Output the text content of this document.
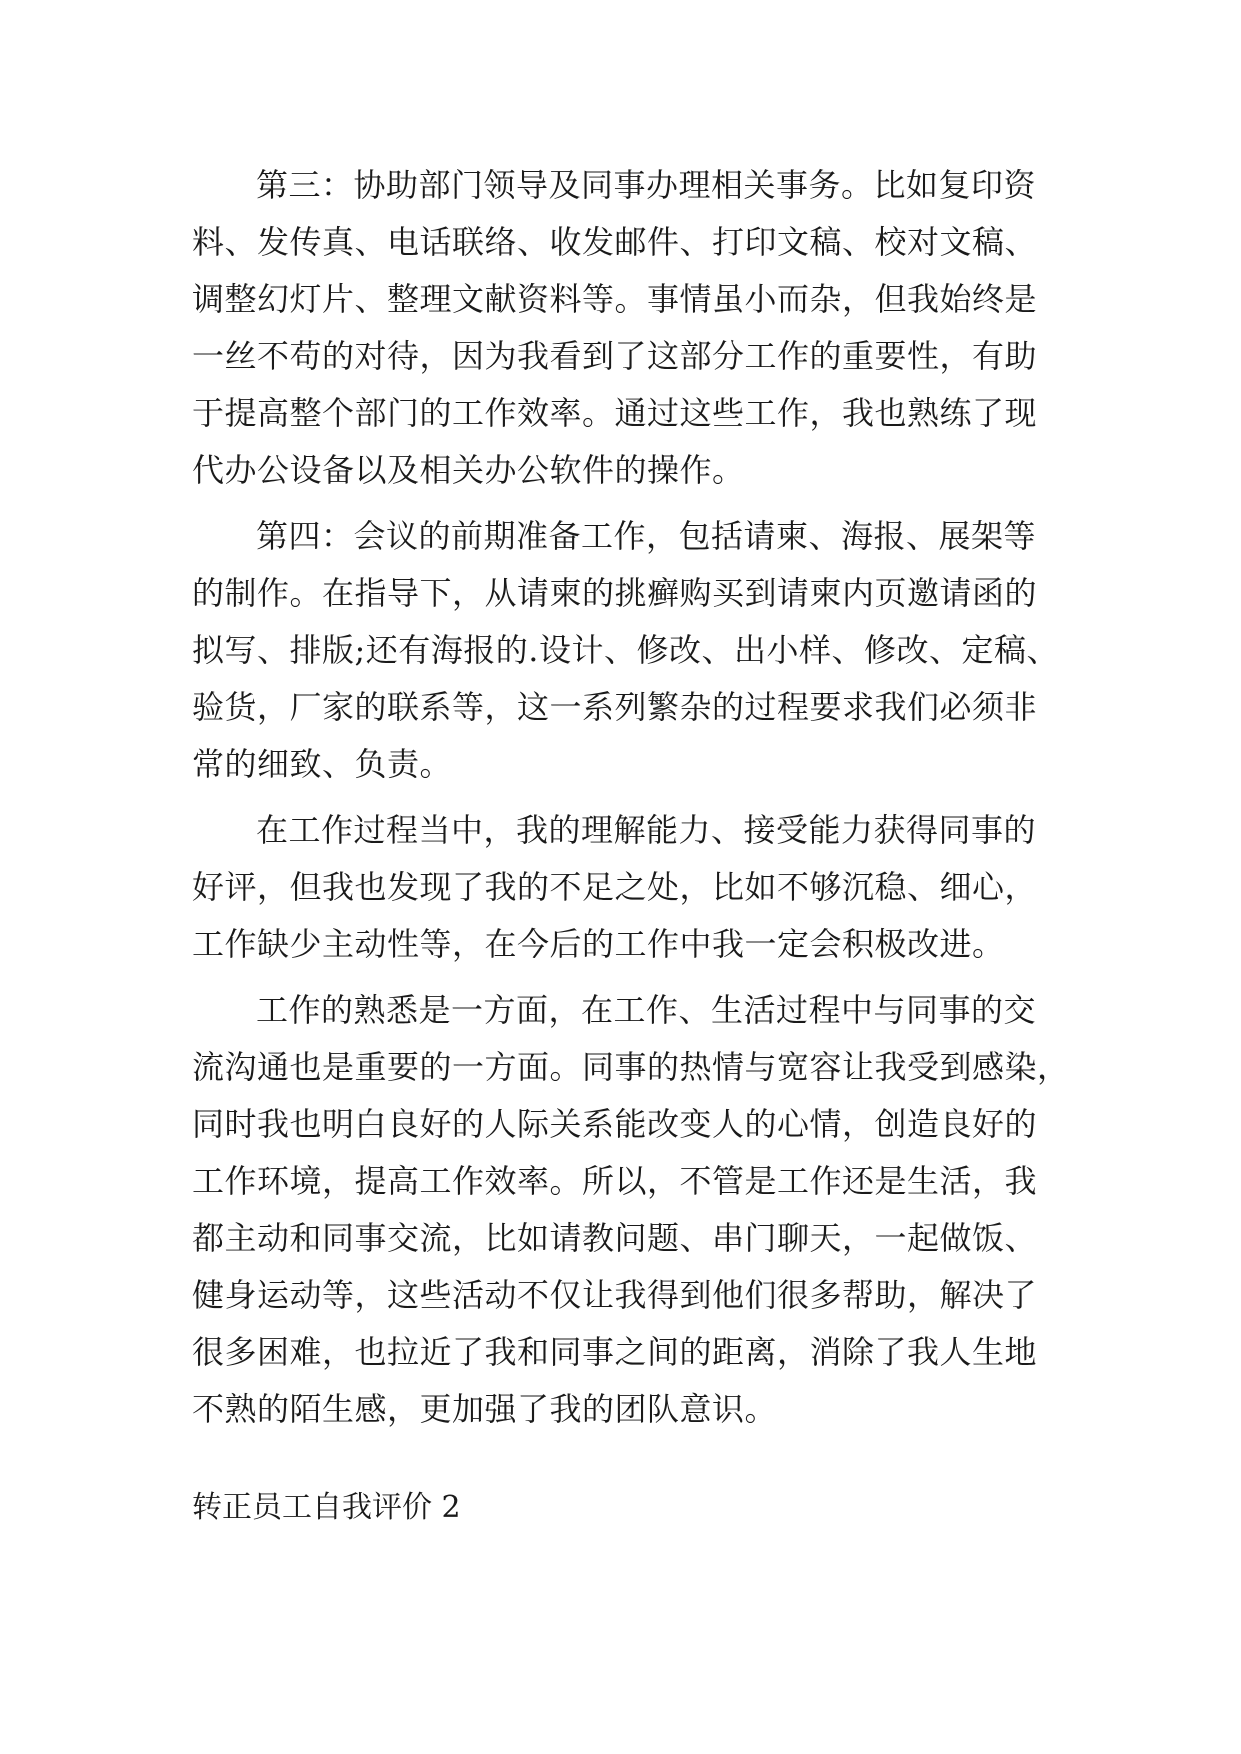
第三：协助部门领导及同事办理相关事务。比如复印资

料、发传真、电话联络、收发邮件、打印文稿、校对文稿、

调整幻灯片、整理文献资料等。事情虽小而杂，但我始终是

一丝不苟的对待，因为我看到了这部分工作的重要性，有助

于提高整个部门的工作效率。通过这些工作，我也熟练了现

代办公设备以及相关办公软件的操作。

第四：会议的前期准备工作，包括请柬、海报、展架等

的制作。在指导下，从请柬的挑癣购买到请柬内页邀请函的

拟写、排版;还有海报的.设计、修改、出小样、修改、定稿、

验货，厂家的联系等，这一系列繁杂的过程要求我们必须非

常的细致、负责。

在工作过程当中，我的理解能力、接受能力获得同事的

好评，但我也发现了我的不足之处，比如不够沉稳、细心，

工作缺少主动性等，在今后的工作中我一定会积极改进。

工作的熟悉是一方面，在工作、生活过程中与同事的交

流沟通也是重要的一方面。同事的热情与宽容让我受到感染，

同时我也明白良好的人际关系能改变人的心情，创造良好的

工作环境，提高工作效率。所以，不管是工作还是生活，我

都主动和同事交流，比如请教问题、串门聊天，一起做饭、

健身运动等，这些活动不仅让我得到他们很多帮助，解决了

很多困难，也拉近了我和同事之间的距离，消除了我人生地

不熟的陌生感，更加强了我的团队意识。

转正员工自我评价 2
